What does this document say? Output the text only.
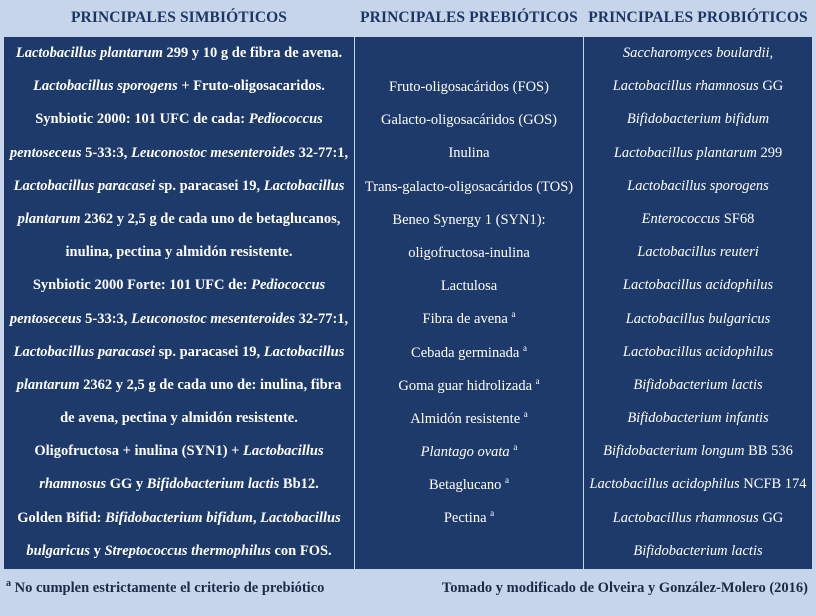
PRINCIPALES SIMBIÓTICOS	PRINCIPALES PREBIÓTICOS PRINCIPALES PROBIÓTICOS
Lactobacillus plantarum 299 y 10 g de fibra de avena.
Lactobacillus sporogens + Fruto-oligosacaridos.
Synbiotic 2000: 101 UFC de cada: Pediococcus
pentoseceus 5-33:3, Leuconostoc mesenteroides 32-77:1,
Lactobacillus paracasei sp. paracasei 19, Lactobacillus
plantarum 2362 y 2,5 g de cada uno de betaglucanos,
inulina, pectina y almidón resistente.
Synbiotic 2000 Forte: 101 UFC de: Pediococcus
pentoseceus 5-33:3, Leuconostoc mesenteroides 32-77:1,
Lactobacillus paracasei sp. paracasei 19, Lactobacillus
plantarum 2362 y 2,5 g de cada uno de: inulina, fibra
de avena, pectina y almidón resistente.
Oligofructosa + inulina (SYN1) + Lactobacillus
rhamnosus GG y Bifidobacterium lactis Bb12.
Golden Bifid: Bifidobacterium bifidum, Lactobacillus
bulgaricus y Streptococcus thermophilus con FOS.
Fruto-oligosacáridos (FOS)
Galacto-oligosacáridos (GOS)
Inulina
Trans-galacto-oligosacáridos (TOS)
Beneo Synergy 1 (SYN1):
oligofructosa-inulina
Lactulosa
Fibra de avena $^a$
Cebada germinada $^a$
Goma guar hidrolizada $^a$
Almidón resistente $^a$
Plantago ovata $^a$
Betaglucano $^a$
Pectina $^a$
Saccharomyces boulardii,
Lactobacillus rhamnosus GG
Bifidobacterium bifidum
Lactobacillus plantarum 299
Lactobacillus sporogens
Enterococcus SF68
Lactobacillus reuteri
Lactobacillus acidophilus
Lactobacillus bulgaricus
Lactobacillus acidophilus
Bifidobacterium lactis
Bifidobacterium infantis
Bifidobacterium longum BB 536
Lactobacillus acidophilus NCFB 174
Lactobacillus rhamnosus GG
Bifidobacterium lactis
$^a$ No cumplen estrictamente el criterio de prebiótico	Tomado y modificado de Olveira y González-Molero (2016)
